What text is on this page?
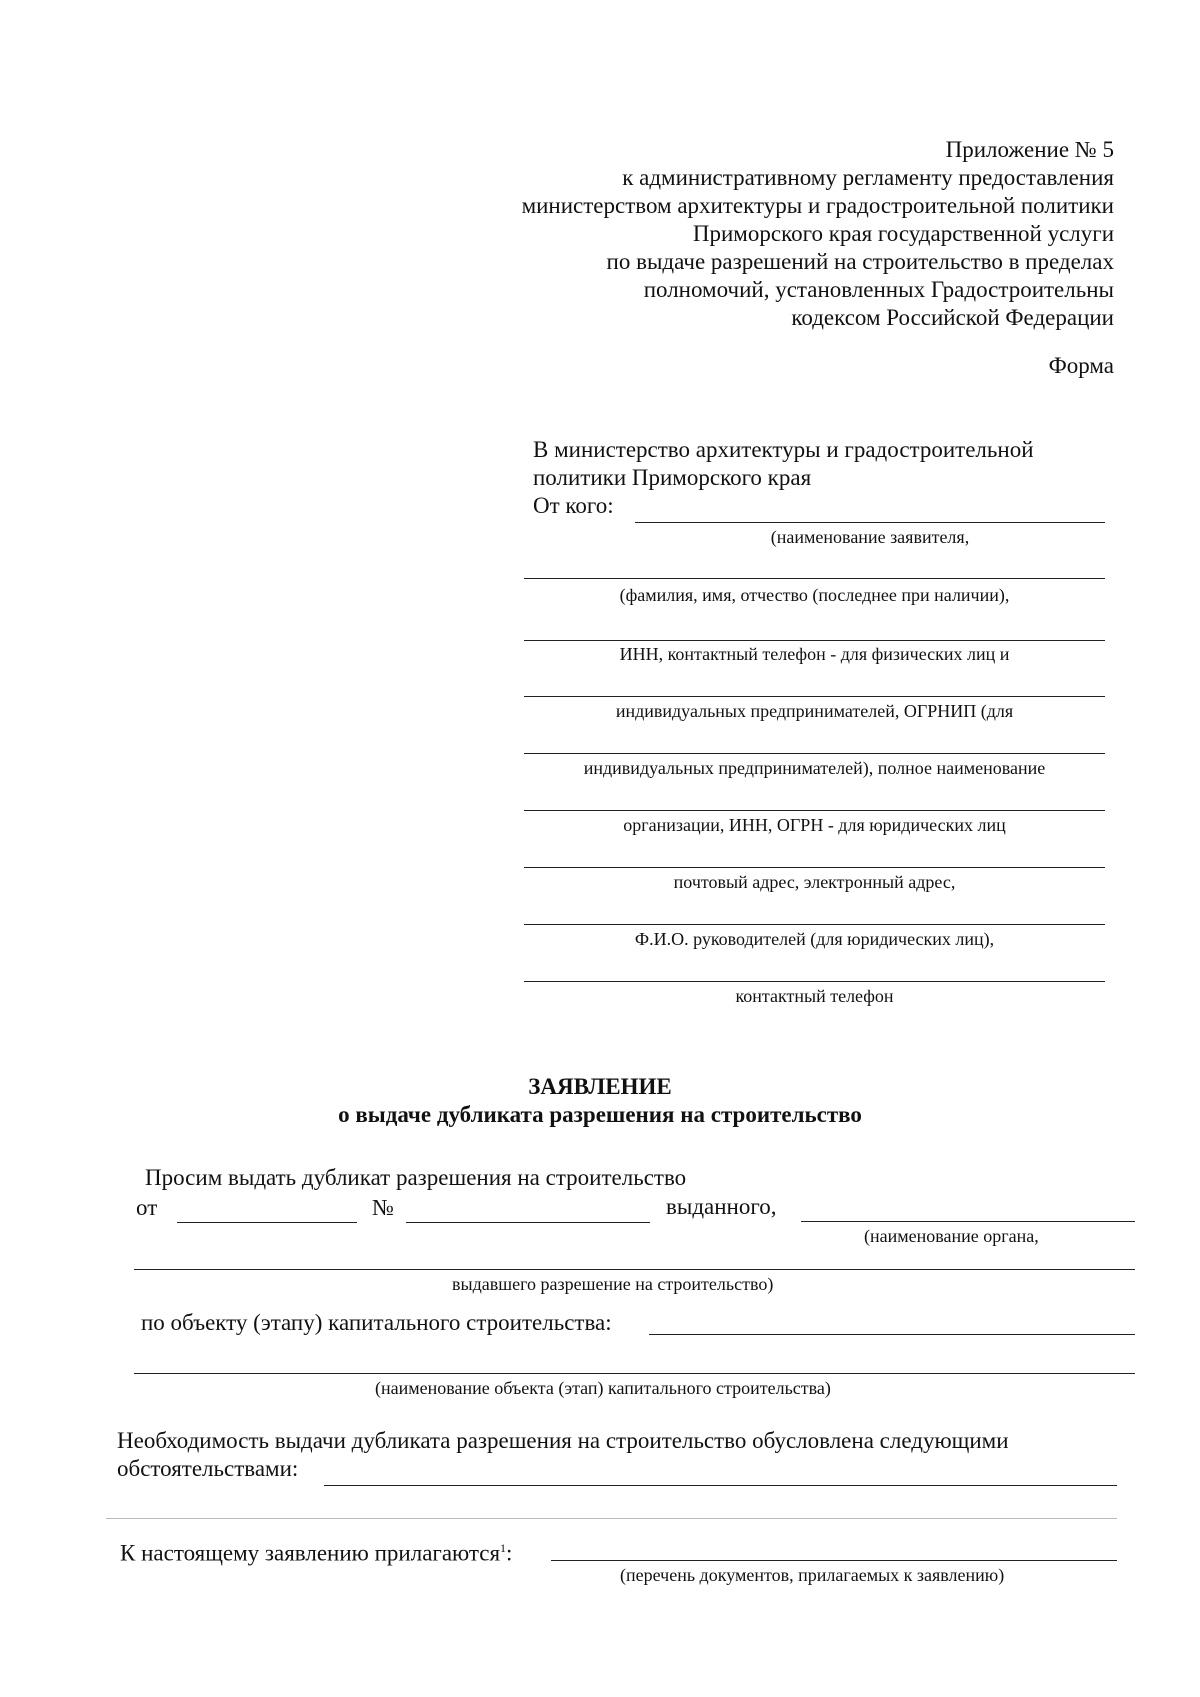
Приложение № 5
к административному регламенту предоставления
министерством архитектуры и градостроительной политики
Приморского края государственной услуги
по выдаче разрешений на строительство в пределах
полномочий, установленных Градостроительны
кодексом Российской Федерации
Форма
В министерство архитектуры и градостроительной
политики Приморского края
От кого:
(наименование заявителя,
(фамилия, имя, отчество (последнее при наличии),
ИНН, контактный телефон - для физических лиц и
индивидуальных предпринимателей, ОГРНИП (для
индивидуальных предпринимателей), полное наименование
организации, ИНН, ОГРН - для юридических лиц
почтовый адрес, электронный адрес,
Ф.И.О. руководителей (для юридических лиц),
контактный телефон
ЗАЯВЛЕНИЕ
о выдаче дубликата разрешения на строительство
Просим выдать дубликат разрешения на строительство
от	№	выданного,
(наименование органа,
выдавшего разрешение на строительство)
по объекту (этапу) капитального строительства:
(наименование объекта (этап) капитального строительства)
Необходимость выдачи дубликата разрешения на строительство обусловлена следующими
обстоятельствами:
К настоящему заявлению прилагаются$^1$:
(перечень документов, прилагаемых к заявлению)
